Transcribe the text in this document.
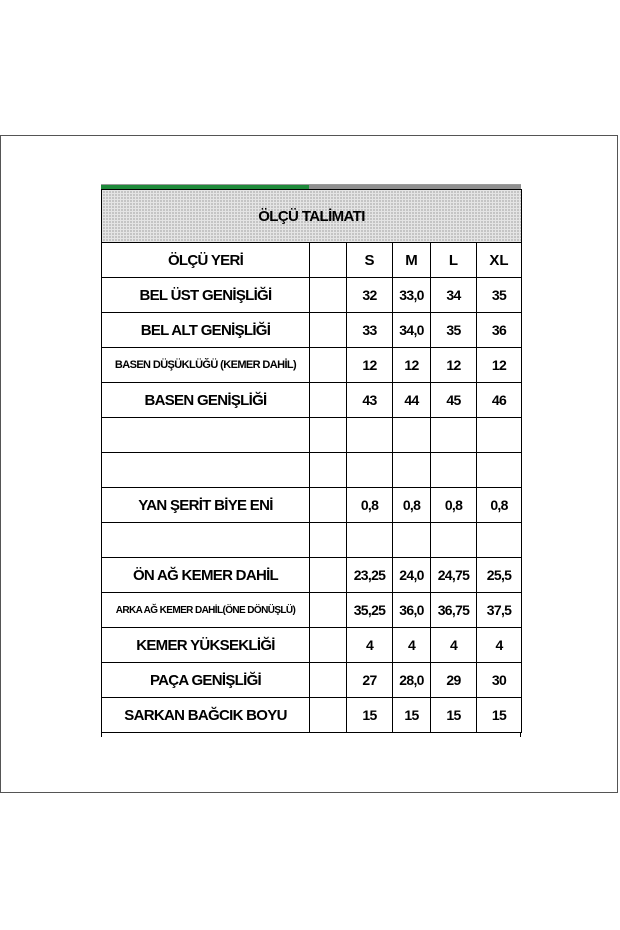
ÖLÇÜ TALİMATI					
ÖLÇÜ YERİ		S	M	L	XL
BEL ÜST GENİŞLİĞİ		32	33,0	34	35
BEL ALT GENİŞLİĞİ		33	34,0	35	36
BASEN DÜŞÜKLÜĞÜ (KEMER DAHİL)		12	12	12	12
BASEN GENİŞLİĞİ		43	44	45	46

YAN ŞERİT BİYE ENİ		0,8	0,8	0,8	0,8

ÖN AĞ KEMER DAHİL		23,25	24,0	24,75	25,5
ARKA AĞ KEMER DAHİL(ÖNE DÖNÜŞLÜ)		35,25	36,0	36,75	37,5
KEMER YÜKSEKLİĞİ		4	4	4	4
PAÇA GENİŞLİĞİ		27	28,0	29	30
SARKAN BAĞCIK BOYU		15	15	15	15
